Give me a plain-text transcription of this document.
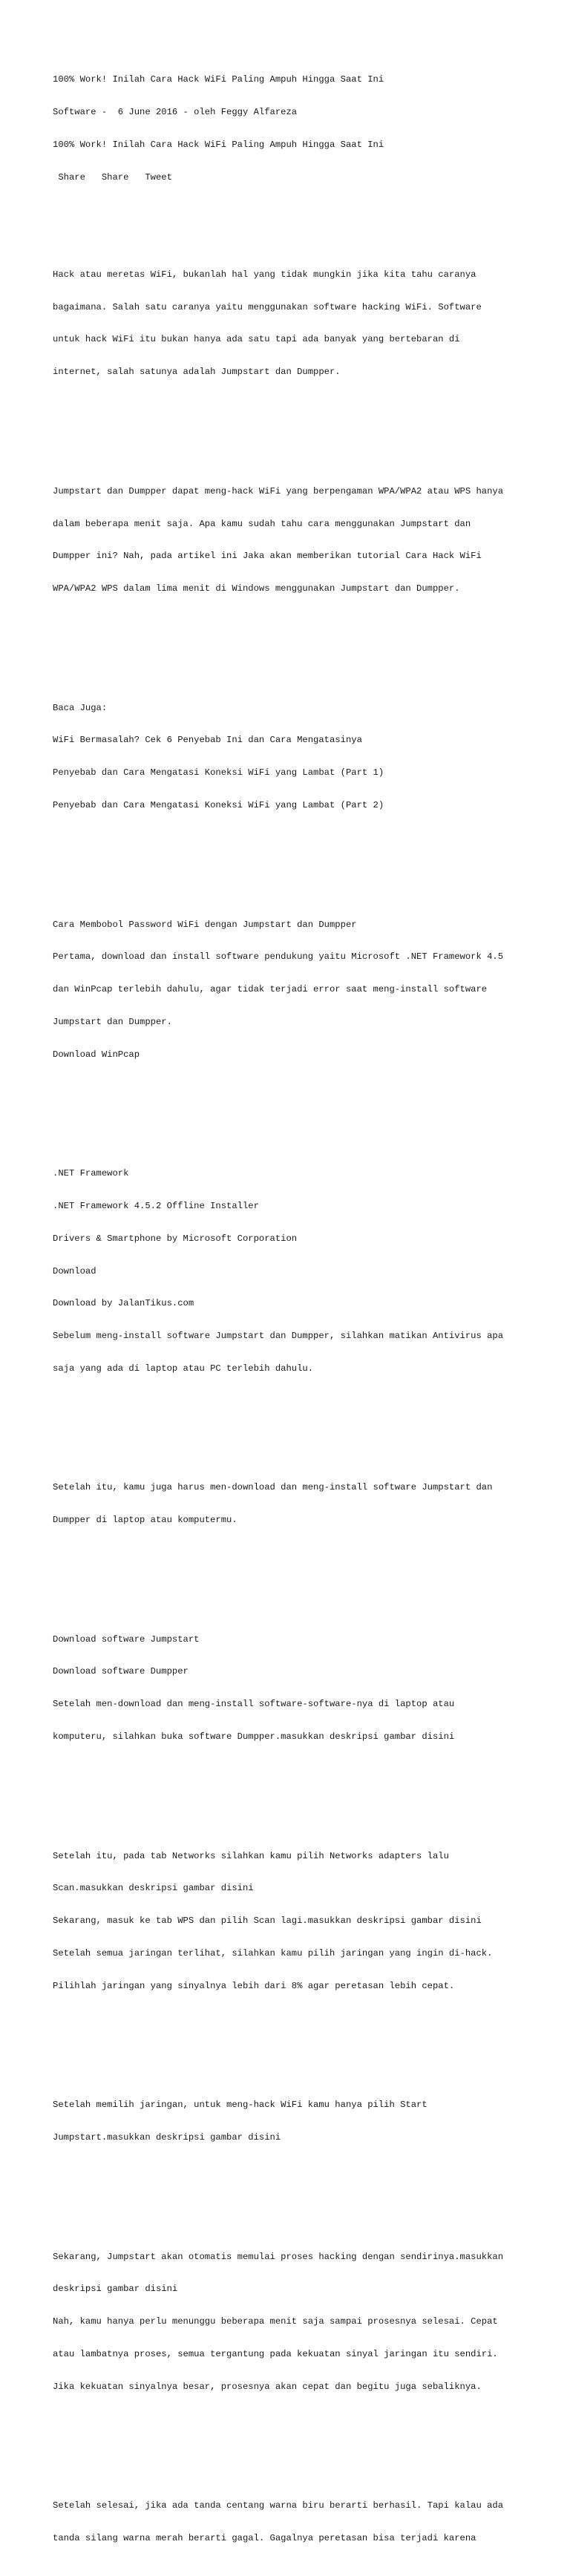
100% Work! Inilah Cara Hack WiFi Paling Ampuh Hingga Saat Ini

Software -  6 June 2016 - oleh Feggy Alfareza

100% Work! Inilah Cara Hack WiFi Paling Ampuh Hingga Saat Ini

Share   Share   Tweet

Hack atau meretas WiFi, bukanlah hal yang tidak mungkin jika kita tahu caranya

bagaimana. Salah satu caranya yaitu menggunakan software hacking WiFi. Software

untuk hack WiFi itu bukan hanya ada satu tapi ada banyak yang bertebaran di

internet, salah satunya adalah Jumpstart dan Dumpper.

Jumpstart dan Dumpper dapat meng-hack WiFi yang berpengaman WPA/WPA2 atau WPS hanya

dalam beberapa menit saja. Apa kamu sudah tahu cara menggunakan Jumpstart dan

Dumpper ini? Nah, pada artikel ini Jaka akan memberikan tutorial Cara Hack WiFi

WPA/WPA2 WPS dalam lima menit di Windows menggunakan Jumpstart dan Dumpper.

Baca Juga:

WiFi Bermasalah? Cek 6 Penyebab Ini dan Cara Mengatasinya

Penyebab dan Cara Mengatasi Koneksi WiFi yang Lambat (Part 1)

Penyebab dan Cara Mengatasi Koneksi WiFi yang Lambat (Part 2)

Cara Membobol Password WiFi dengan Jumpstart dan Dumpper

Pertama, download dan install software pendukung yaitu Microsoft .NET Framework 4.5

dan WinPcap terlebih dahulu, agar tidak terjadi error saat meng-install software

Jumpstart dan Dumpper.

Download WinPcap

.NET Framework

.NET Framework 4.5.2 Offline Installer

Drivers & Smartphone by Microsoft Corporation

Download

Download by JalanTikus.com

Sebelum meng-install software Jumpstart dan Dumpper, silahkan matikan Antivirus apa

saja yang ada di laptop atau PC terlebih dahulu.

Setelah itu, kamu juga harus men-download dan meng-install software Jumpstart dan

Dumpper di laptop atau komputermu.

Download software Jumpstart

Download software Dumpper

Setelah men-download dan meng-install software-software-nya di laptop atau

komputeru, silahkan buka software Dumpper.masukkan deskripsi gambar disini

Setelah itu, pada tab Networks silahkan kamu pilih Networks adapters lalu

Scan.masukkan deskripsi gambar disini

Sekarang, masuk ke tab WPS dan pilih Scan lagi.masukkan deskripsi gambar disini

Setelah semua jaringan terlihat, silahkan kamu pilih jaringan yang ingin di-hack.

Pilihlah jaringan yang sinyalnya lebih dari 8% agar peretasan lebih cepat.

Setelah memilih jaringan, untuk meng-hack WiFi kamu hanya pilih Start

Jumpstart.masukkan deskripsi gambar disini

Sekarang, Jumpstart akan otomatis memulai proses hacking dengan sendirinya.masukkan

deskripsi gambar disini

Nah, kamu hanya perlu menunggu beberapa menit saja sampai prosesnya selesai. Cepat

atau lambatnya proses, semua tergantung pada kekuatan sinyal jaringan itu sendiri.

Jika kekuatan sinyalnya besar, prosesnya akan cepat dan begitu juga sebaliknya.

Setelah selesai, jika ada tanda centang warna biru berarti berhasil. Tapi kalau ada

tanda silang warna merah berarti gagal. Gagalnya peretasan bisa terjadi karena
